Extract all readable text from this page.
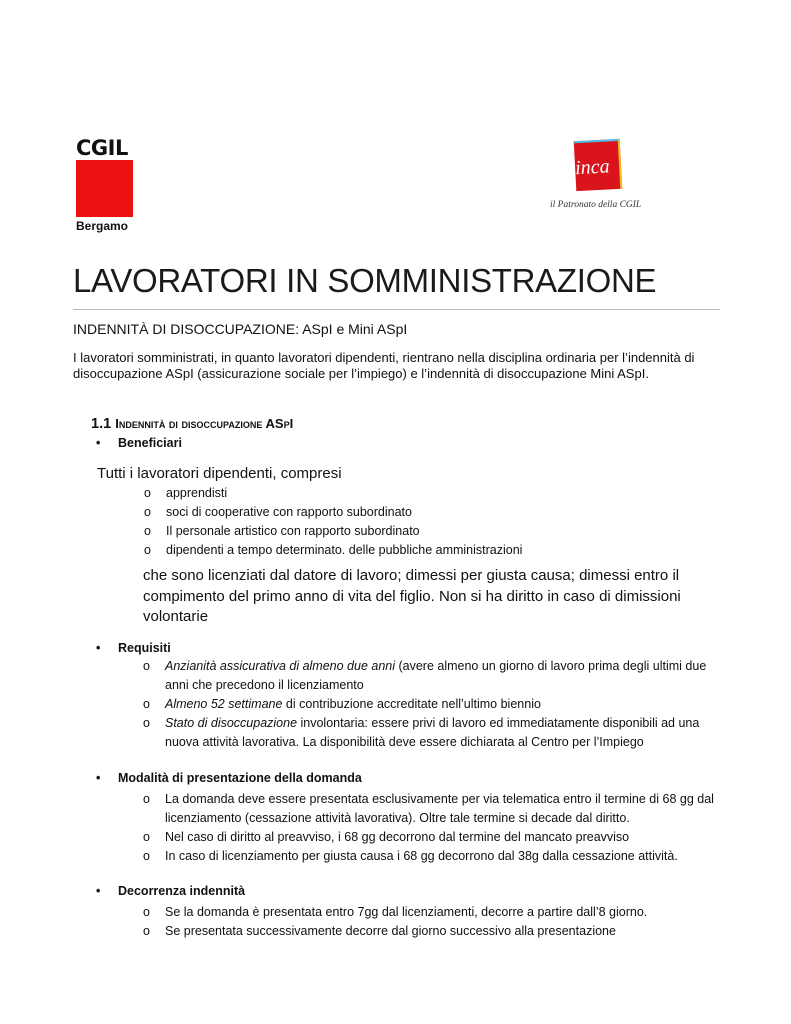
CGIL
Bergamo
inca
il Patronato della CGIL
LAVORATORI IN SOMMINISTRAZIONE
INDENNITÀ DI DISOCCUPAZIONE: ASpI e Mini ASpI
I lavoratori somministrati, in quanto lavoratori dipendenti, rientrano nella disciplina ordinaria per l’indennità di disoccupazione ASpI (assicurazione sociale per l’impiego) e l’indennità di disoccupazione Mini ASpI.
1.1 Indennità di disoccupazione ASpI
• Beneficiari
Tutti i lavoratori dipendenti, compresi
o apprendisti
o soci di cooperative con rapporto subordinato
o Il personale artistico con rapporto subordinato
o dipendenti a tempo determinato. delle pubbliche amministrazioni
che sono licenziati dal datore di lavoro; dimessi per giusta causa; dimessi entro il compimento del primo anno di vita del figlio. Non si ha diritto in caso di dimissioni volontarie
• Requisiti
o Anzianità assicurativa di almeno due anni (avere almeno un giorno di lavoro prima degli ultimi due anni che precedono il licenziamento
o Almeno 52 settimane di contribuzione accreditate nell’ultimo biennio
o Stato di disoccupazione involontaria: essere privi di lavoro ed immediatamente disponibili ad una nuova attività lavorativa. La disponibilità deve essere dichiarata al Centro per l’Impiego
• Modalità di presentazione della domanda
o La domanda deve essere presentata esclusivamente per via telematica entro il termine di 68 gg dal licenziamento (cessazione attività lavorativa). Oltre tale termine si decade dal diritto.
o Nel caso di diritto al preavviso, i 68 gg decorrono dal termine del mancato preavviso
o In caso di licenziamento per giusta causa i 68 gg decorrono dal 38g dalla cessazione attività.
• Decorrenza indennità
o Se la domanda è presentata entro 7gg dal licenziamenti, decorre a partire dall’8 giorno.
o Se presentata successivamente decorre dal giorno successivo alla presentazione
